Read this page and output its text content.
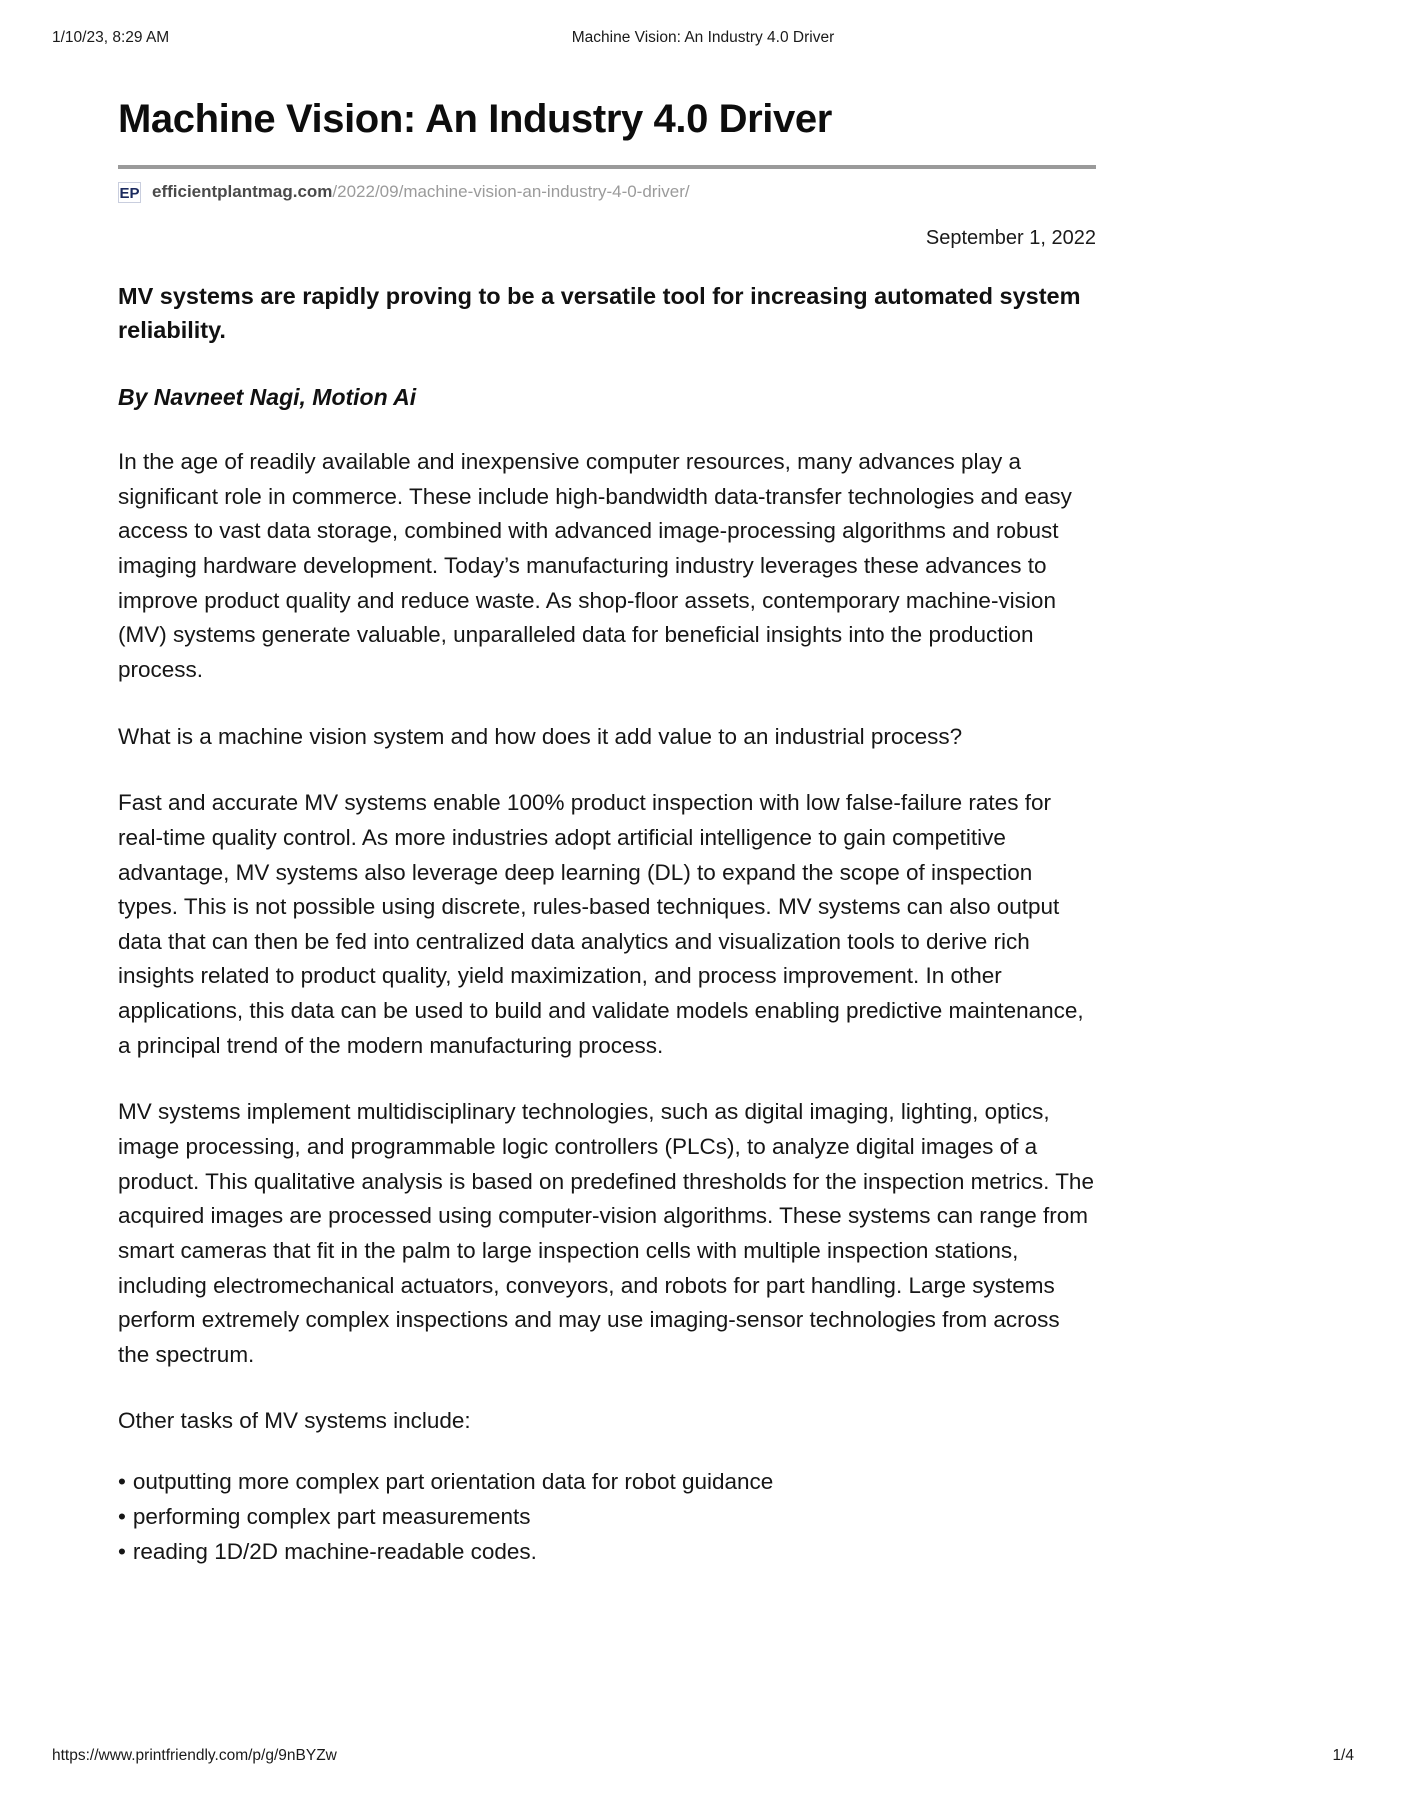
1/10/23, 8:29 AM	Machine Vision: An Industry 4.0 Driver
Machine Vision: An Industry 4.0 Driver
EP efficientplantmag.com/2022/09/machine-vision-an-industry-4-0-driver/
September 1, 2022
MV systems are rapidly proving to be a versatile tool for increasing automated system reliability.
By Navneet Nagi, Motion Ai

In the age of readily available and inexpensive computer resources, many advances play a significant role in commerce. These include high-bandwidth data-transfer technologies and easy access to vast data storage, combined with advanced image-processing algorithms and robust imaging hardware development. Today’s manufacturing industry leverages these advances to improve product quality and reduce waste. As shop-floor assets, contemporary machine-vision (MV) systems generate valuable, unparalleled data for beneficial insights into the production process.

What is a machine vision system and how does it add value to an industrial process?

Fast and accurate MV systems enable 100% product inspection with low false-failure rates for real-time quality control. As more industries adopt artificial intelligence to gain competitive advantage, MV systems also leverage deep learning (DL) to expand the scope of inspection types. This is not possible using discrete, rules-based techniques. MV systems can also output data that can then be fed into centralized data analytics and visualization tools to derive rich insights related to product quality, yield maximization, and process improvement. In other applications, this data can be used to build and validate models enabling predictive maintenance, a principal trend of the modern manufacturing process.

MV systems implement multidisciplinary technologies, such as digital imaging, lighting, optics, image processing, and programmable logic controllers (PLCs), to analyze digital images of a product. This qualitative analysis is based on predefined thresholds for the inspection metrics. The acquired images are processed using computer-vision algorithms. These systems can range from smart cameras that fit in the palm to large inspection cells with multiple inspection stations, including electromechanical actuators, conveyors, and robots for part handling. Large systems perform extremely complex inspections and may use imaging-sensor technologies from across the spectrum.

Other tasks of MV systems include:

• outputting more complex part orientation data for robot guidance
• performing complex part measurements
• reading 1D/2D machine-readable codes.
https://www.printfriendly.com/p/g/9nBYZw	1/4
